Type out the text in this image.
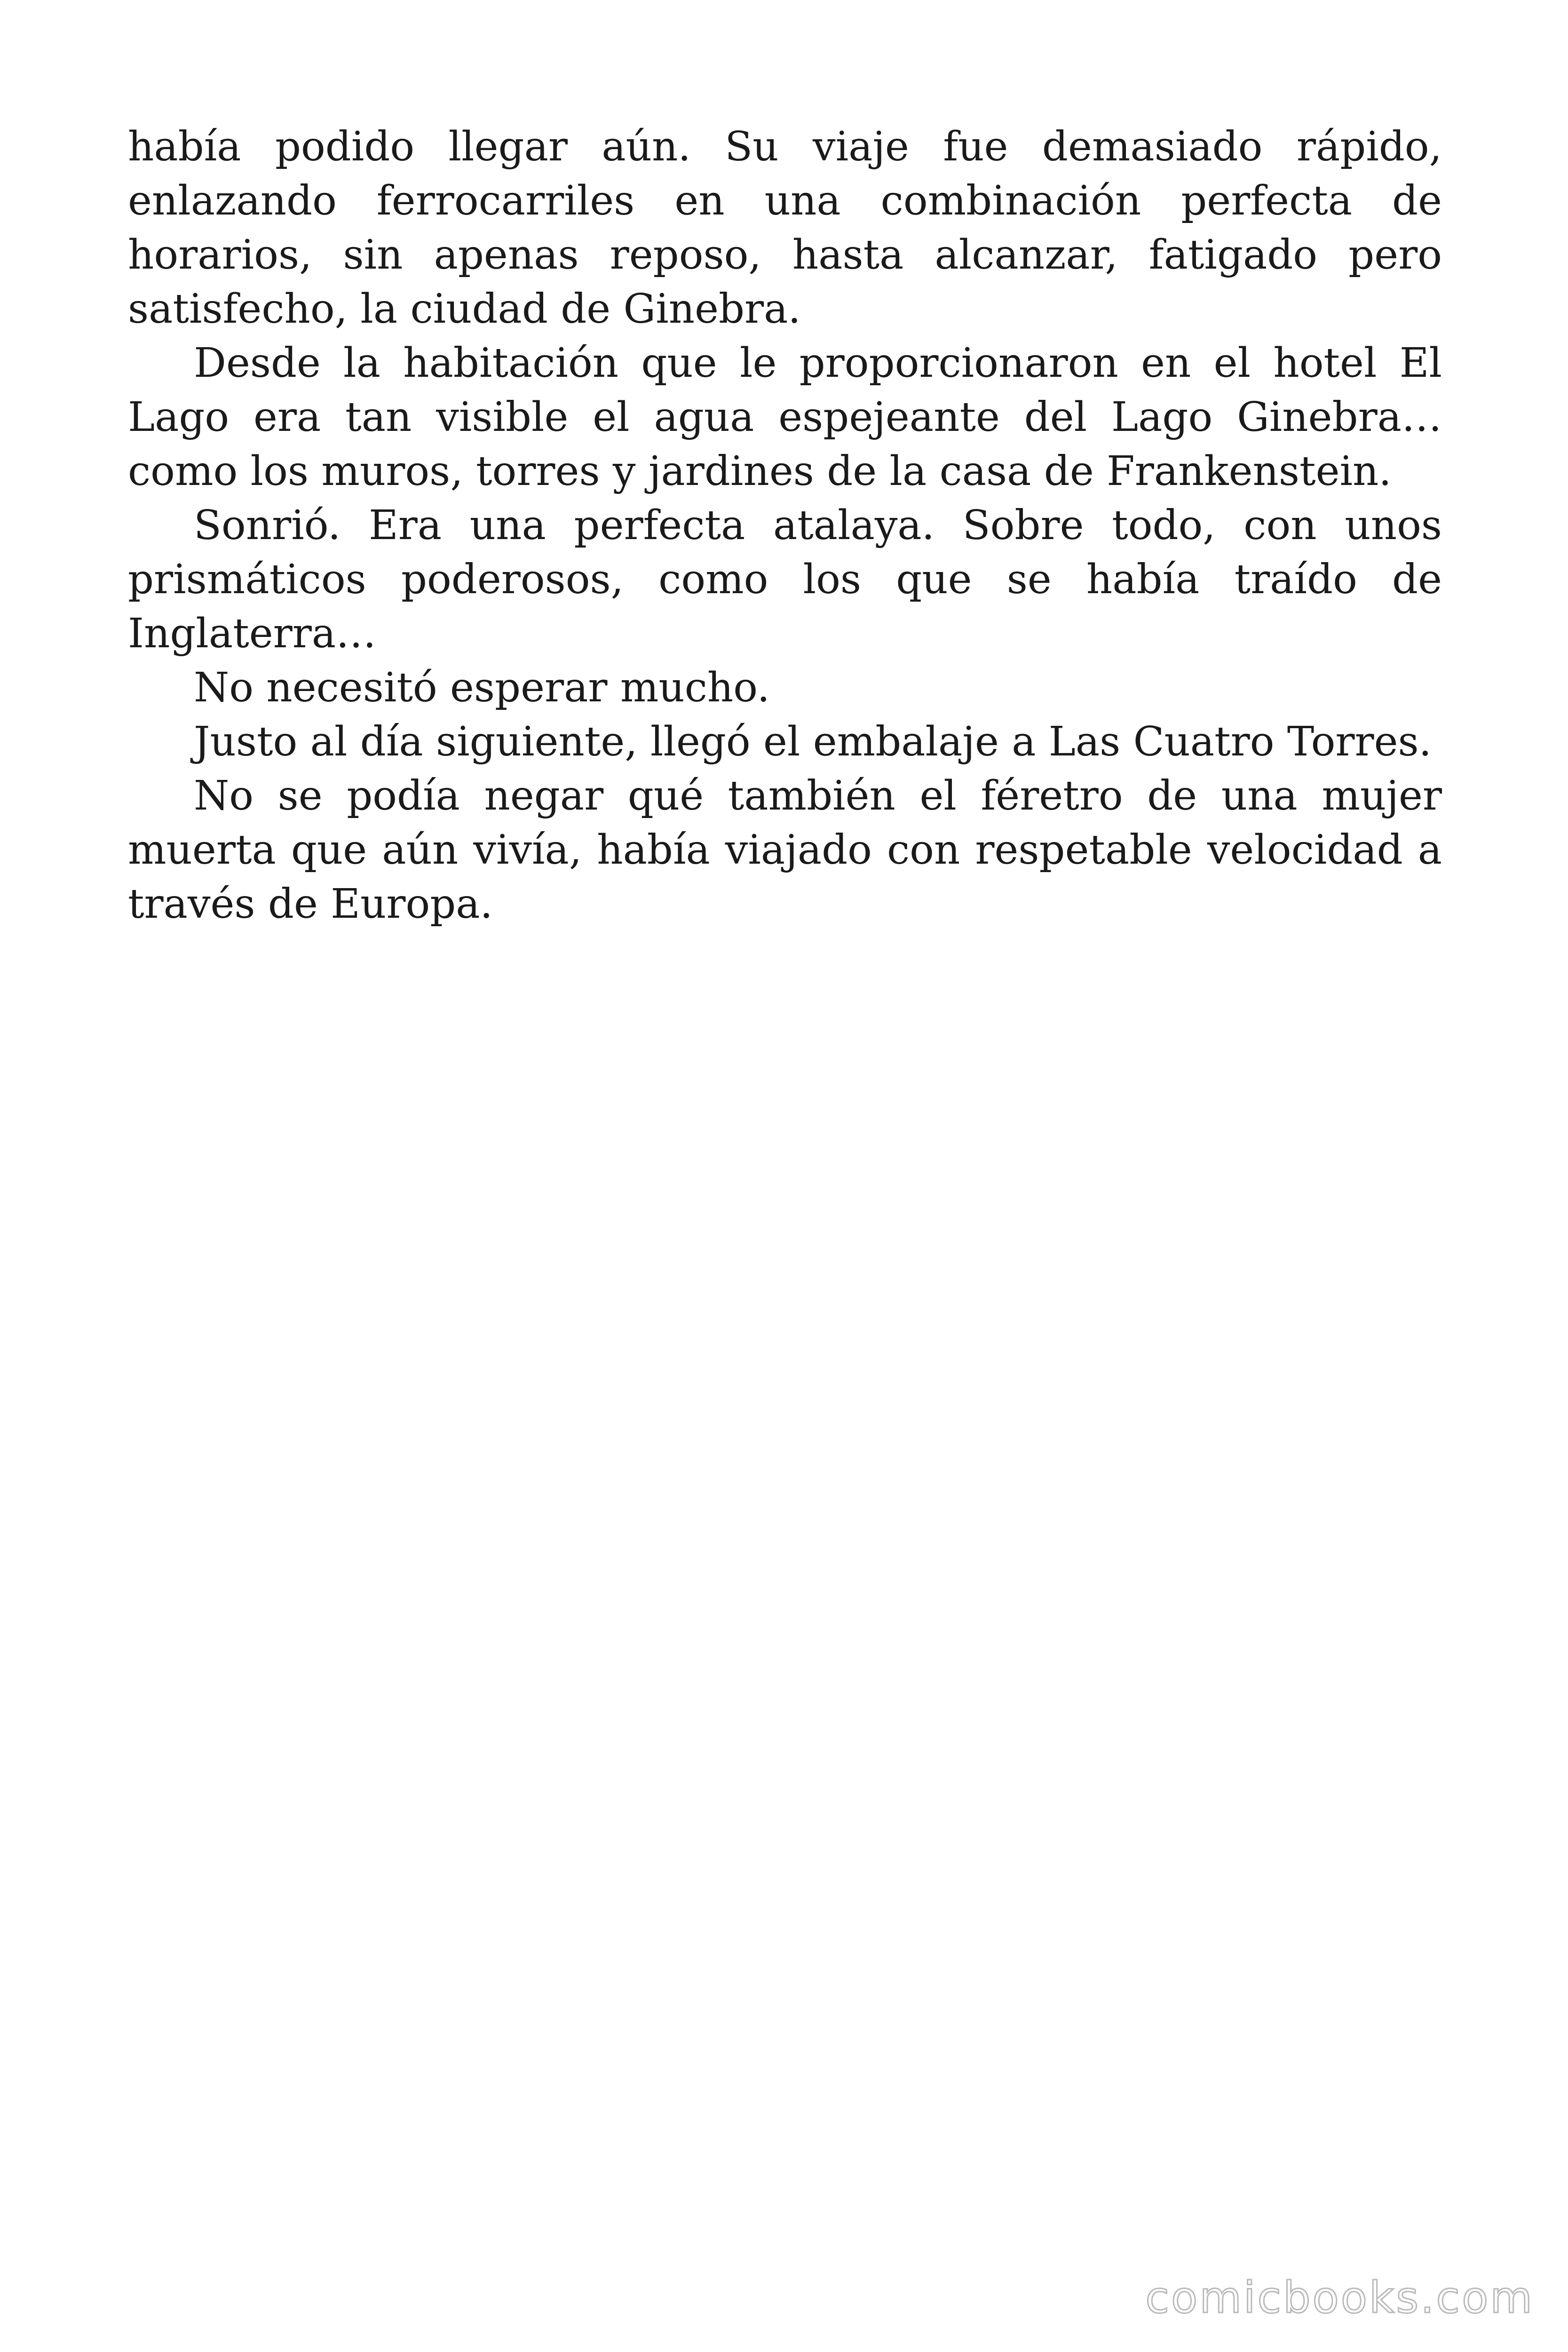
había podido llegar aún. Su viaje fue demasiado rápido, enlazando ferrocarriles en una combinación perfecta de horarios, sin apenas reposo, hasta alcanzar, fatigado pero satisfecho, la ciudad de Ginebra.

Desde la habitación que le proporcionaron en el hotel El Lago era tan visible el agua espejeante del Lago Ginebra… como los muros, torres y jardines de la casa de Frankenstein.

Sonrió. Era una perfecta atalaya. Sobre todo, con unos prismáticos poderosos, como los que se había traído de Inglaterra…

No necesitó esperar mucho.

Justo al día siguiente, llegó el embalaje a Las Cuatro Torres.

No se podía negar qué también el féretro de una mujer muerta que aún vivía, había viajado con respetable velocidad a través de Europa.

comicbooks.com
